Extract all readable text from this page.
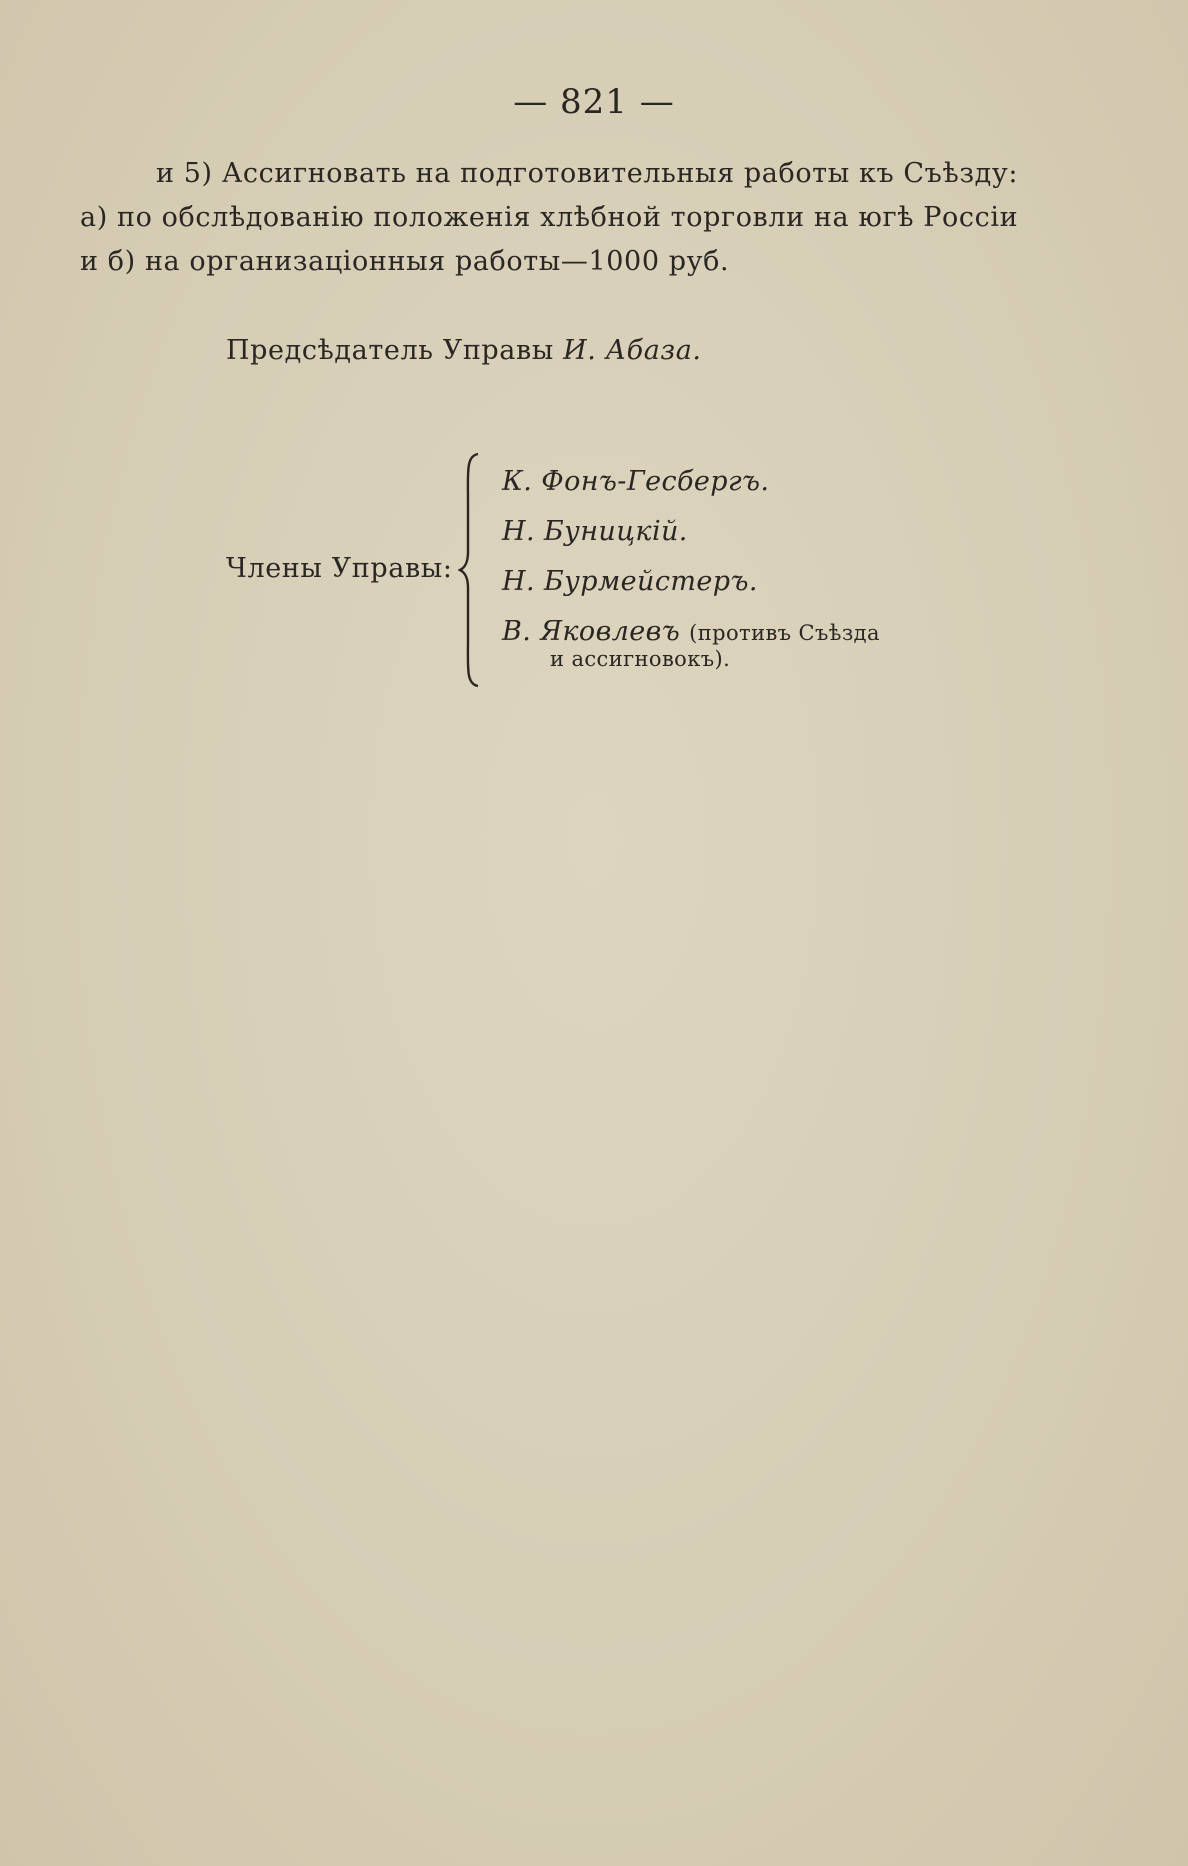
— 821 —
и 5) Ассигновать на подготовительныя работы къ Съѣзду:
а) по обслѣдованію положенія хлѣбной торговли на югѣ Россіи
и б) на организаціонныя работы—1000 руб.
Предсѣдатель Управы И. Абаза.
Члены Управы:
К. Фонъ-Гесбергъ.
Н. Буницкій.
Н. Бурмейстеръ.
В. Яковлевъ (противъ Съѣзда
и ассигновокъ).
